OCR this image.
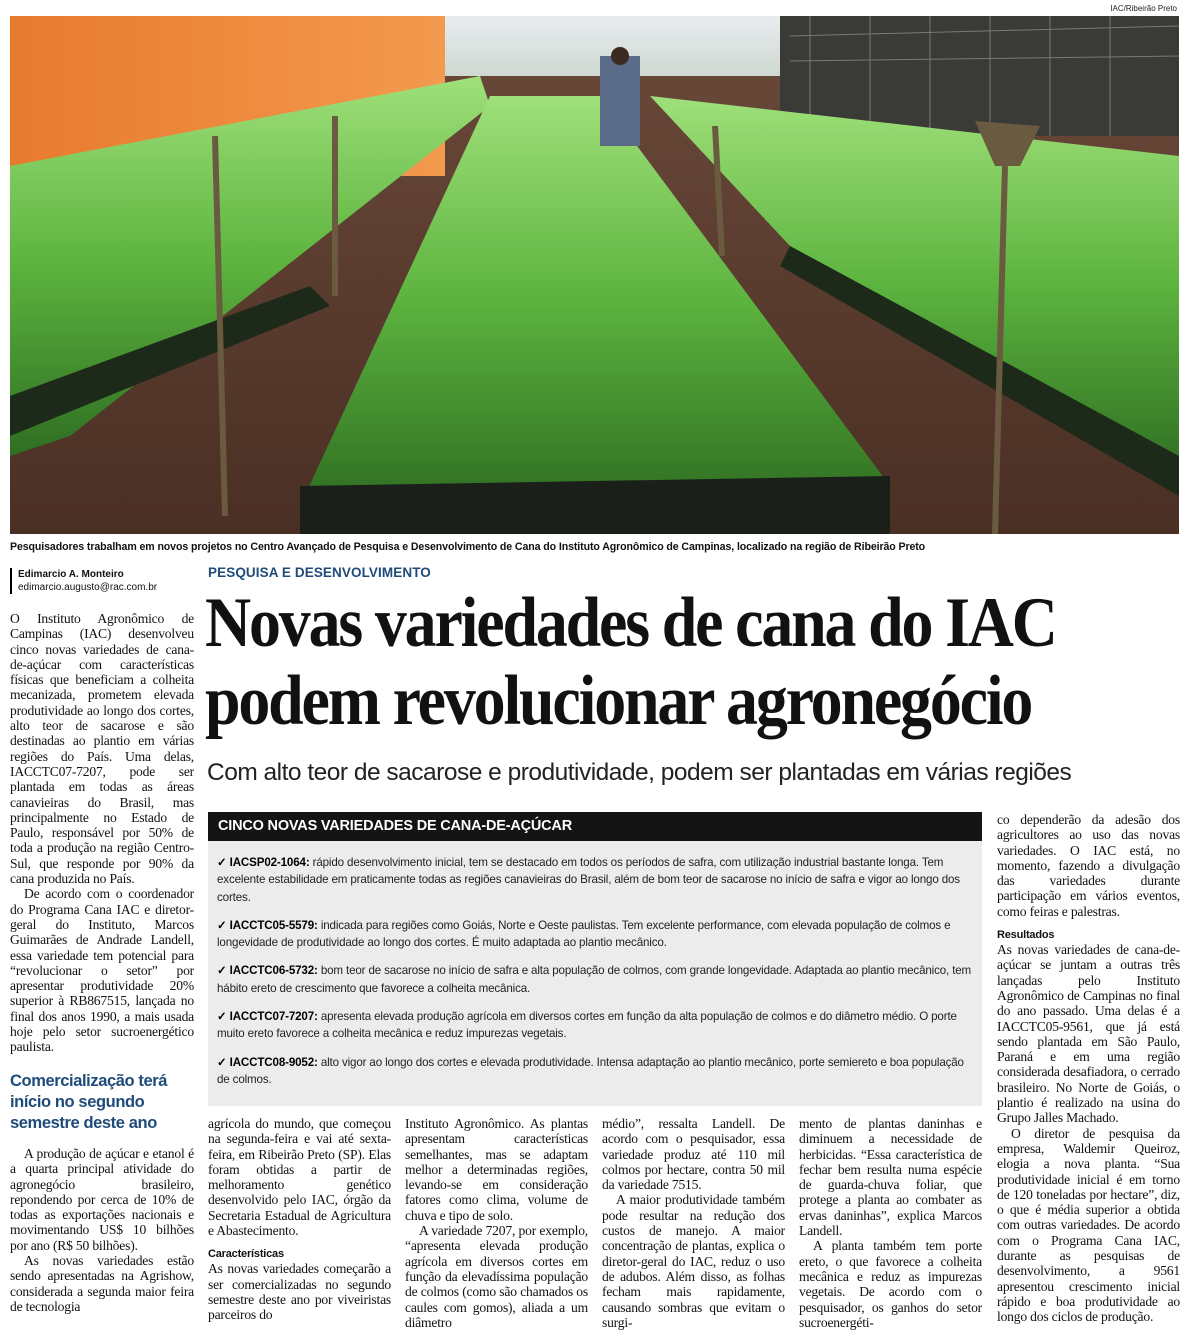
IAC/Ribeirão Preto
Pesquisadores trabalham em novos projetos no Centro Avançado de Pesquisa e Desenvolvimento de Cana do Instituto Agronômico de Campinas, localizado na região de Ribeirão Preto
Edimarcio A. Monteiro
edimarcio.augusto@rac.com.br

O Instituto Agronômico de Campinas (IAC) desenvolveu cinco novas variedades de cana-de-açúcar com características físicas que beneficiam a colheita mecanizada, prometem elevada produtividade ao longo dos cortes, alto teor de sacarose e são destinadas ao plantio em várias regiões do País. Uma delas, IACCTC07-7207, pode ser plantada em todas as áreas canavieiras do Brasil, mas principalmente no Estado de Paulo, responsável por 50% de toda a produção na região Centro-Sul, que responde por 90% da cana produzida no País.

De acordo com o coordenador do Programa Cana IAC e diretor-geral do Instituto, Marcos Guimarães de Andrade Landell, essa variedade tem potencial para “revolucionar o setor” por apresentar produtividade 20% superior à RB867515, lançada no final dos anos 1990, a mais usada hoje pelo setor sucroenergético paulista.

Comercialização terá início no segundo semestre deste ano

A produção de açúcar e etanol é a quarta principal atividade do agronegócio brasileiro, repondendo por cerca de 10% de todas as exportações nacionais e movimentando US$ 10 bilhões por ano (R$ 50 bilhões).

As novas variedades estão sendo apresentadas na Agrishow, considerada a segunda maior feira de tecnologia

PESQUISA E DESENVOLVIMENTO
Novas variedades de cana do IAC
podem revolucionar agronegócio
Com alto teor de sacarose e produtividade, podem ser plantadas em várias regiões
CINCO NOVAS VARIEDADES DE CANA-DE-AÇÚCAR
✓ IACSP02-1064: rápido desenvolvimento inicial, tem se destacado em todos os períodos de safra, com utilização industrial bastante longa. Tem excelente estabilidade em praticamente todas as regiões canavieiras do Brasil, além de bom teor de sacarose no início de safra e vigor ao longo dos cortes.
✓ IACCTC05-5579: indicada para regiões como Goiás, Norte e Oeste paulistas. Tem excelente performance, com elevada população de colmos e longevidade de produtividade ao longo dos cortes. É muito adaptada ao plantio mecânico.
✓ IACCTC06-5732: bom teor de sacarose no início de safra e alta população de colmos, com grande longevidade. Adaptada ao plantio mecânico, tem hábito ereto de crescimento que favorece a colheita mecânica.
✓ IACCTC07-7207: apresenta elevada produção agrícola em diversos cortes em função da alta população de colmos e do diâmetro médio. O porte muito ereto favorece a colheita mecânica e reduz impurezas vegetais.
✓ IACCTC08-9052: alto vigor ao longo dos cortes e elevada produtividade. Intensa adaptação ao plantio mecânico, porte semiereto e boa população de colmos.

agrícola do mundo, que começou na segunda-feira e vai até sexta-feira, em Ribeirão Preto (SP). Elas foram obtidas a partir de melhoramento genético desenvolvido pelo IAC, órgão da Secretaria Estadual de Agricultura e Abastecimento.

Características

As novas variedades começarão a ser comercializadas no segundo semestre deste ano por viveiristas parceiros do

Instituto Agronômico. As plantas apresentam características semelhantes, mas se adaptam melhor a determinadas regiões, levando-se em consideração fatores como clima, volume de chuva e tipo de solo.

A variedade 7207, por exemplo, “apresenta elevada produção agrícola em diversos cortes em função da elevadíssima população de colmos (como são chamados os caules com gomos), aliada a um diâmetro

médio”, ressalta Landell. De acordo com o pesquisador, essa variedade produz até 110 mil colmos por hectare, contra 50 mil da variedade 7515.

A maior produtividade também pode resultar na redução dos custos de manejo. A maior concentração de plantas, explica o diretor-geral do IAC, reduz o uso de adubos. Além disso, as folhas fecham mais rapidamente, causando sombras que evitam o surgi-

mento de plantas daninhas e diminuem a necessidade de herbicidas. “Essa característica de fechar bem resulta numa espécie de guarda-chuva foliar, que protege a planta ao combater as ervas daninhas”, explica Marcos Landell.

A planta também tem porte ereto, o que favorece a colheita mecânica e reduz as impurezas vegetais. De acordo com o pesquisador, os ganhos do setor sucroenergéti-

co dependerão da adesão dos agricultores ao uso das novas variedades. O IAC está, no momento, fazendo a divulgação das variedades durante participação em vários eventos, como feiras e palestras.

Resultados

As novas variedades de cana-de-açúcar se juntam a outras três lançadas pelo Instituto Agronômico de Campinas no final do ano passado. Uma delas é a IACCTC05-9561, que já está sendo plantada em São Paulo, Paraná e em uma região considerada desafiadora, o cerrado brasileiro. No Norte de Goiás, o plantio é realizado na usina do Grupo Jalles Machado.

O diretor de pesquisa da empresa, Waldemir Queiroz, elogia a nova planta. “Sua produtividade inicial é em torno de 120 toneladas por hectare”, diz, o que é média superior a obtida com outras variedades. De acordo com o Programa Cana IAC, durante as pesquisas de desenvolvimento, a 9561 apresentou crescimento inicial rápido e boa produtividade ao longo dos ciclos de produção.
